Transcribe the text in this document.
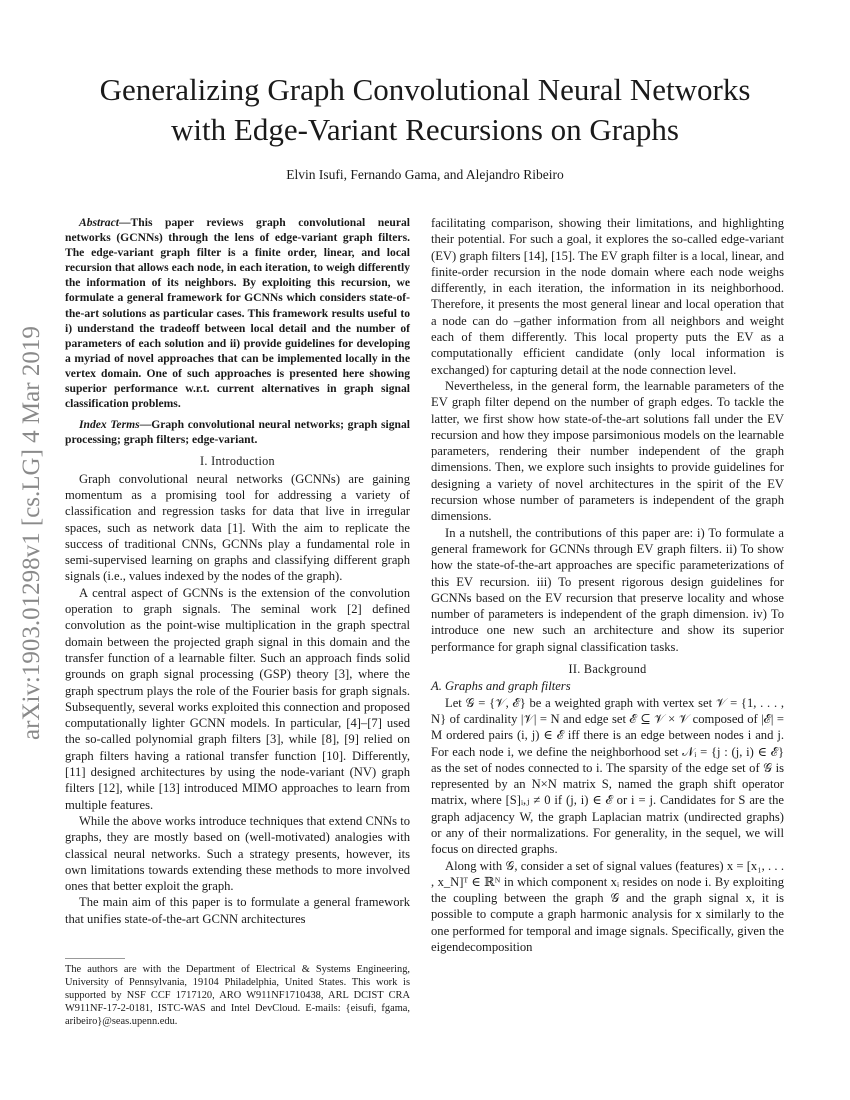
Generalizing Graph Convolutional Neural Networks
with Edge-Variant Recursions on Graphs
Elvin Isufi, Fernando Gama, and Alejandro Ribeiro
arXiv:1903.01298v1 [cs.LG] 4 Mar 2019

Abstract—This paper reviews graph convolutional neural networks (GCNNs) through the lens of edge-variant graph filters. The edge-variant graph filter is a finite order, linear, and local recursion that allows each node, in each iteration, to weigh differently the information of its neighbors. By exploiting this recursion, we formulate a general framework for GCNNs which considers state-of-the-art solutions as particular cases. This framework results useful to i) understand the tradeoff between local detail and the number of parameters of each solution and ii) provide guidelines for developing a myriad of novel approaches that can be implemented locally in the vertex domain. One of such approaches is presented here showing superior performance w.r.t. current alternatives in graph signal classification problems.

Index Terms—Graph convolutional neural networks; graph signal processing; graph filters; edge-variant.

I. Introduction

Graph convolutional neural networks (GCNNs) are gaining momentum as a promising tool for addressing a variety of classification and regression tasks for data that live in irregular spaces, such as network data [1]. With the aim to replicate the success of traditional CNNs, GCNNs play a fundamental role in semi-supervised learning on graphs and classifying different graph signals (i.e., values indexed by the nodes of the graph).

A central aspect of GCNNs is the extension of the convolution operation to graph signals. The seminal work [2] defined convolution as the point-wise multiplication in the graph spectral domain between the projected graph signal in this domain and the transfer function of a learnable filter. Such an approach finds solid grounds on graph signal processing (GSP) theory [3], where the graph spectrum plays the role of the Fourier basis for graph signals. Subsequently, several works exploited this connection and proposed computationally lighter GCNN models. In particular, [4]–[7] used the so-called polynomial graph filters [3], while [8], [9] relied on graph filters having a rational transfer function [10]. Differently, [11] designed architectures by using the node-variant (NV) graph filters [12], while [13] introduced MIMO approaches to learn from multiple features.

While the above works introduce techniques that extend CNNs to graphs, they are mostly based on (well-motivated) analogies with classical neural networks. Such a strategy presents, however, its own limitations towards extending these methods to more involved ones that better exploit the graph.

The main aim of this paper is to formulate a general framework that unifies state-of-the-art GCNN architectures

The authors are with the Department of Electrical & Systems Engineering, University of Pennsylvania, 19104 Philadelphia, United States. This work is supported by NSF CCF 1717120, ARO W911NF1710438, ARL DCIST CRA W911NF-17-2-0181, ISTC-WAS and Intel DevCloud. E-mails: {eisufi, fgama, aribeiro}@seas.upenn.edu.

facilitating comparison, showing their limitations, and highlighting their potential. For such a goal, it explores the so-called edge-variant (EV) graph filters [14], [15]. The EV graph filter is a local, linear, and finite-order recursion in the node domain where each node weighs differently, in each iteration, the information in its neighborhood. Therefore, it presents the most general linear and local operation that a node can do –gather information from all neighbors and weight each of them differently. This local property puts the EV as a computationally efficient candidate (only local information is exchanged) for capturing detail at the node connection level.

Nevertheless, in the general form, the learnable parameters of the EV graph filter depend on the number of graph edges. To tackle the latter, we first show how state-of-the-art solutions fall under the EV recursion and how they impose parsimonious models on the learnable parameters, rendering their number independent of the graph dimensions. Then, we explore such insights to provide guidelines for designing a variety of novel architectures in the spirit of the EV recursion whose number of parameters is independent of the graph dimensions.

In a nutshell, the contributions of this paper are: i) To formulate a general framework for GCNNs through EV graph filters. ii) To show how the state-of-the-art approaches are specific parameterizations of this EV recursion. iii) To present rigorous design guidelines for GCNNs based on the EV recursion that preserve locality and whose number of parameters is independent of the graph dimension. iv) To introduce one new such an architecture and show its superior performance for graph signal classification tasks.

II. Background

A. Graphs and graph filters

Let 𝒢 = {𝒱, ℰ} be a weighted graph with vertex set 𝒱 = {1, . . . , N} of cardinality |𝒱| = N and edge set ℰ ⊆ 𝒱 × 𝒱 composed of |ℰ| = M ordered pairs (i, j) ∈ ℰ iff there is an edge between nodes i and j. For each node i, we define the neighborhood set 𝒩ᵢ = {j : (j, i) ∈ ℰ} as the set of nodes connected to i. The sparsity of the edge set of 𝒢 is represented by an N×N matrix S, named the graph shift operator matrix, where [S]ᵢ,ⱼ ≠ 0 if (j, i) ∈ ℰ or i = j. Candidates for S are the graph adjacency W, the graph Laplacian matrix (undirected graphs) or any of their normalizations. For generality, in the sequel, we will focus on directed graphs.

Along with 𝒢, consider a set of signal values (features) x = [x₁, . . . , x_N]ᵀ ∈ ℝᴺ in which component xᵢ resides on node i. By exploiting the coupling between the graph 𝒢 and the graph signal x, it is possible to compute a graph harmonic analysis for x similarly to the one performed for temporal and image signals. Specifically, given the eigendecomposition
